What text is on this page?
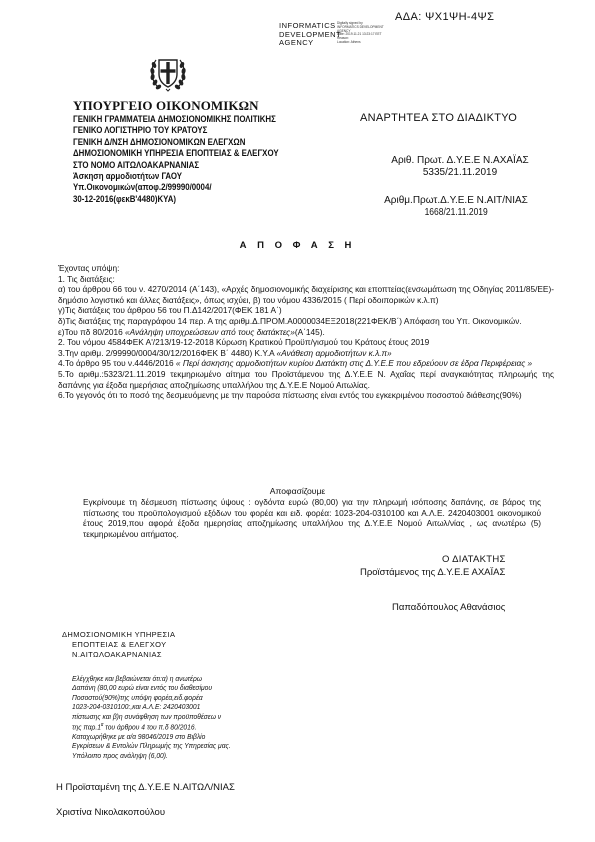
ΑΔΑ: ΨΧ1ΨΗ-4ΨΣ
INFORMATICS
DEVELOPMENT
AGENCY
Digitally signed by
INFORMATICS DEVELOPMENT AGENCY
Date: 2019.11.21 13:23:17 EET
Reason:
Location: Athens
ΥΠΟΥΡΓΕΙΟ ΟΙΚΟΝΟΜΙΚΩΝ
ΓΕΝΙΚΗ ΓΡΑΜΜΑΤΕΙΑ ΔΗΜΟΣΙΟΝΟΜΙΚΗΣ ΠΟΛΙΤΙΚΗΣ
ΓΕΝΙΚΟ ΛΟΓΙΣΤΗΡΙΟ ΤΟΥ ΚΡΑΤΟΥΣ
ΓΕΝΙΚΗ Δ/ΝΣΗ ΔΗΜΟΣΙΟΝΟΜΙΚΩΝ ΕΛΕΓΧΩΝ
ΔΗΜΟΣΙΟΝΟΜΙΚΗ ΥΠΗΡΕΣΙΑ ΕΠΟΠΤΕΙΑΣ & ΕΛΕΓΧΟΥ
ΣΤΟ ΝΟΜΟ ΑΙΤΩΛΟΑΚΑΡΝΑΝΙΑΣ
Άσκηση αρμοδιοτήτων ΓΑΟΥ
Υπ.Οικονομικών(αποφ.2/99990/0004/
30-12-2016(φεκΒ'4480)ΚΥΑ)
ΑΝΑΡΤΗΤΕΑ ΣΤΟ ΔΙΑΔΙΚΤΥΟ
Αριθ. Πρωτ. Δ.Υ.Ε.Ε Ν.ΑΧΑΪΑΣ
5335/21.11.2019
Αριθμ.Πρωτ.Δ.Υ.Ε.Ε Ν.ΑΙΤ/ΝΙΑΣ
1668/21.11.2019
Α Π Ο Φ Α Σ Η

Έχοντας υπόψη:

1. Τις διατάξεις:

α) του άρθρου 66 του ν. 4270/2014 (Α΄143), «Αρχές δημοσιονομικής διαχείρισης και εποπτείας(ενσωμάτωση της Οδηγίας 2011/85/ΕΕ)-δημόσιο λογιστικό και άλλες διατάξεις», όπως ισχύει, β) του νόμου 4336/2015 ( Περί οδοιπορικών κ.λ.π)

γ)Τις διατάξεις του άρθρου 56 του Π.Δ142/2017(ΦΕΚ 181 Α΄)

δ)Τις διατάξεις της παραγράφου 14 περ. Α της αριθμ.Δ.ΠΡΟΜ.Α0000034ΕΞ2018(221ΦΕΚ/Β΄) Απόφαση του Υπ. Οικονομικών.

ε)Του πδ 80/2016 «Ανάληψη υποχρεώσεων από τους διατάκτες»(Α΄145).

2. Του νόμου 4584ΦΕΚ Α'/213/19-12-2018 Κύρωση Κρατικού Προϋπ/γισμού του Κράτους έτους 2019

3.Την αριθμ. 2/99990/0004/30/12/2016ΦΕΚ Β΄ 4480) Κ.Υ.Α «Ανάθεση αρμοδιοτήτων κ.λ.π»

4.Το άρθρο 95 του ν.4446/2016 « Περί άσκησης αρμοδιοτήτων κυρίου Διατάκτη στις Δ.Υ.Ε.Ε που εδρεύουν σε έδρα Περιφέρειας »

5.Το αριθμ.:5323/21.11.2019 τεκμηριωμένο αίτημα του Προϊστάμενου της Δ.Υ.Ε.Ε Ν. Αχαΐας περί αναγκαιότητας πληρωμής της δαπάνης για έξοδα ημερήσιας αποζημίωσης υπαλλήλου της Δ.Υ.Ε.Ε Νομού Αιτωλίας.

6.Το γεγονός ότι το ποσό της δεσμευόμενης με την παρούσα πίστωσης είναι εντός του εγκεκριμένου ποσοστού διάθεσης(90%)

Αποφασίζουμε
Εγκρίνουμε τη δέσμευση πίστωσης ύψους : ογδόντα ευρώ (80,00) για την πληρωμή ισόποσης δαπάνης, σε βάρος της πίστωσης του προϋπολογισμού εξόδων του φορέα και ειδ. φορέα: 1023-204-0310100 και Α.Λ.Ε. 2420403001 οικονομικού έτους 2019,που αφορά έξοδα ημερησίας αποζημίωσης υπαλλήλου της Δ.Υ.Ε.Ε Νομού Αιτωλ/νίας , ως ανωτέρω (5) τεκμηριωμένου αιτήματος.
Ο ΔΙΑΤΑΚΤΗΣ
Προϊστάμενος της Δ.Υ.Ε.Ε ΑΧΑΪΑΣ
Παπαδόπουλος Αθανάσιος
ΔΗΜΟΣΙΟΝΟΜΙΚΗ ΥΠΗΡΕΣΙΑ
ΕΠΟΠΤΕΙΑΣ & ΕΛΕΓΧΟΥ
Ν.ΑΙΤΩΛΟΑΚΑΡΝΑΝΙΑΣ
Ελέγχθηκε και βεβαιώνεται ότι:α) η ανωτέρω
Δαπάνη (80,00 ευρώ είναι εντός του διαθεσίμου
Ποσοστού(90%)της υπόψη φορέα,ειδ.φορέα
1023-204-0310100:,και Α.Λ.Ε: 2420403001
πίστωσης και β)η συνάφθηση των προϋποθέσεω ν
της $\pi\alpha\rho.1^\alpha$ του άρθρου 4 του π.δ 80/2016.
Καταχωρήθηκε με α/α 98046/2019 στο Βιβλίο
Εγκρίσεων & Εντολών Πληρωμής της Υπηρεσίας μας.
Υπόλοιπο προς ανάληψη (6,00).
Η Προϊσταμένη της Δ.Υ.Ε.Ε Ν.ΑΙΤΩΛ/ΝΙΑΣ
Χριστίνα Νικολακοπούλου
